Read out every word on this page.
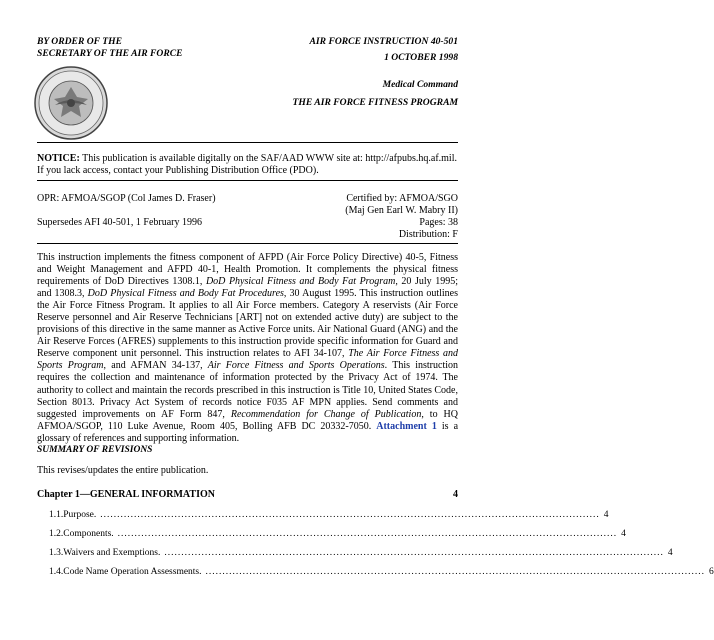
BY ORDER OF THE
SECRETARY OF THE AIR FORCE
AIR FORCE INSTRUCTION 40-501
1 OCTOBER 1998
Medical Command
THE AIR FORCE FITNESS PROGRAM
NOTICE: This publication is available digitally on the SAF/AAD WWW site at: http://afpubs.hq.af.mil.
If you lack access, contact your Publishing Distribution Office (PDO).
OPR: AFMOA/SGOP (Col James D. Fraser)
Supersedes AFI 40-501, 1 February 1996
Certified by: AFMOA/SGO
(Maj Gen Earl W. Mabry II)
Pages: 38
Distribution: F
This instruction implements the fitness component of AFPD (Air Force Policy Directive) 40-5, Fitness and Weight Management and AFPD 40-1, Health Promotion. It complements the physical fitness requirements of DoD Directives 1308.1, DoD Physical Fitness and Body Fat Program, 20 July 1995; and 1308.3, DoD Physical Fitness and Body Fat Procedures, 30 August 1995. This instruction outlines the Air Force Fitness Program. It applies to all Air Force members. Category A reservists (Air Force Reserve personnel and Air Reserve Technicians [ART] not on extended active duty) are subject to the provisions of this directive in the same manner as Active Force units. Air National Guard (ANG) and the Air Reserve Forces (AFRES) supplements to this instruction provide specific information for Guard and Reserve component unit personnel. This instruction relates to AFI 34-107, The Air Force Fitness and Sports Program, and AFMAN 34-137, Air Force Fitness and Sports Operations. This instruction requires the collection and maintenance of information protected by the Privacy Act of 1974. The authority to collect and maintain the records prescribed in this instruction is Title 10, United States Code, Section 8013. Privacy Act System of records notice F035 AF MPN applies. Send comments and suggested improvements on AF Form 847, Recommendation for Change of Publication, to HQ AFMOA/SGOP, 110 Luke Avenue, Room 405, Bolling AFB DC 20332-7050. Attachment 1 is a glossary of references and supporting information.
SUMMARY OF REVISIONS
This revises/updates the entire publication.
Chapter 1—GENERAL INFORMATION	4
1.1. Purpose. .................................................................................................................................................... 4
1.2. Components. .................................................................................................................................................... 4
1.3. Waivers and Exemptions. .................................................................................................................................................... 4
1.4. Code Name Operation Assessments. .................................................................................................................................................... 6
